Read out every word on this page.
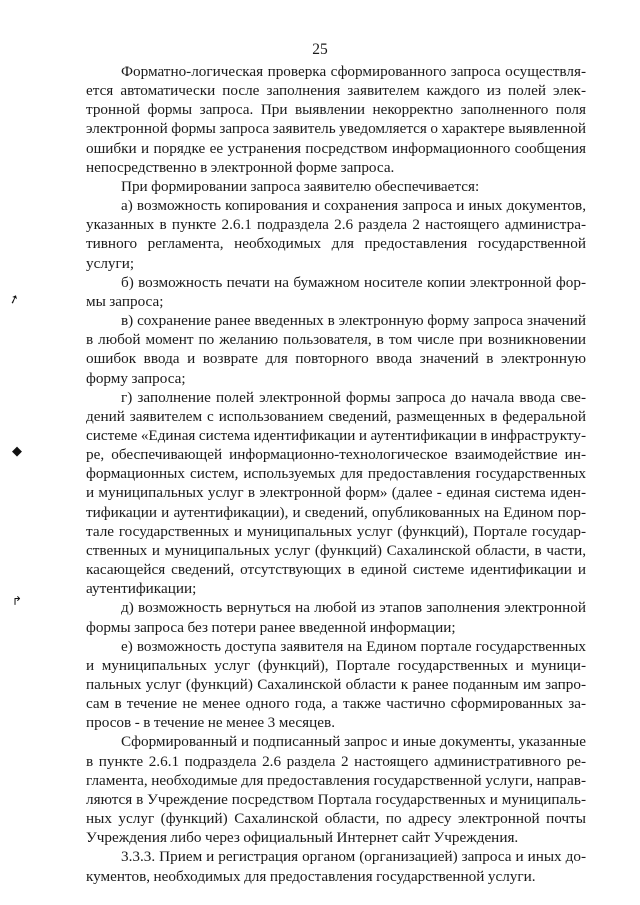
25
➚
◆
↱

Форматно-логическая проверка сформированного запроса осуществляется автоматически после заполнения заявителем каждого из полей электронной формы запроса. При выявлении некорректно заполненного поля электронной формы запроса заявитель уведомляется о характере выявленной ошибки и порядке ее устранения посредством информационного сообщения непосредственно в электронной форме запроса.

При формировании запроса заявителю обеспечивается:

а) возможность копирования и сохранения запроса и иных документов, указанных в пункте 2.6.1 подраздела 2.6 раздела 2 настоящего административного регламента, необходимых для предоставления государственной услуги;

б) возможность печати на бумажном носителе копии электронной формы запроса;

в) сохранение ранее введенных в электронную форму запроса значений в любой момент по желанию пользователя, в том числе при возникновении ошибок ввода и возврате для повторного ввода значений в электронную форму запроса;

г) заполнение полей электронной формы запроса до начала ввода сведений заявителем с использованием сведений, размещенных в федеральной системе «Единая система идентификации и аутентификации в инфраструктуре, обеспечивающей информационно-технологическое взаимодействие информационных систем, используемых для предоставления государственных и муниципальных услуг в электронной форм» (далее - единая система идентификации и аутентификации), и сведений, опубликованных на Едином портале государственных и муниципальных услуг (функций), Портале государственных и муниципальных услуг (функций) Сахалинской области, в части, касающейся сведений, отсутствующих в единой системе идентификации и аутентификации;

д) возможность вернуться на любой из этапов заполнения электронной формы запроса без потери ранее введенной информации;

е) возможность доступа заявителя на Едином портале государственных и муниципальных услуг (функций), Портале государственных и муниципальных услуг (функций) Сахалинской области к ранее поданным им запросам в течение не менее одного года, а также частично сформированных запросов - в течение не менее 3 месяцев.

Сформированный и подписанный запрос и иные документы, указанные в пункте 2.6.1 подраздела 2.6 раздела 2 настоящего административного регламента, необходимые для предоставления государственной услуги, направляются в Учреждение посредством Портала государственных и муниципальных услуг (функций) Сахалинской области, по адресу электронной почты Учреждения либо через официальный Интернет сайт Учреждения.

3.3.3. Прием и регистрация органом (организацией) запроса и иных документов, необходимых для предоставления государственной услуги.
